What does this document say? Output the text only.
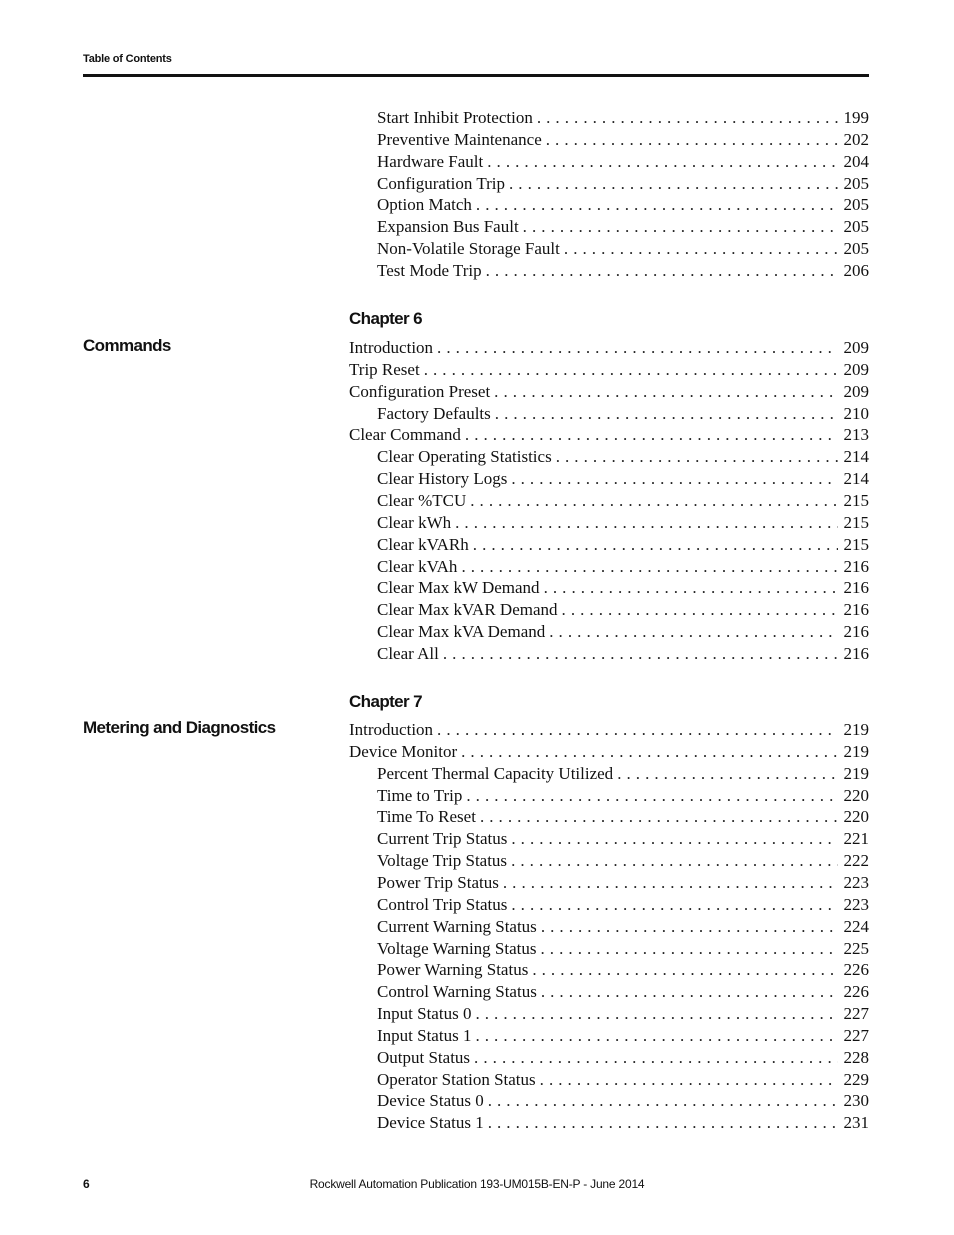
Table of Contents
Start Inhibit Protection . . .	199
Preventive Maintenance . . .	202
Hardware Fault . . .	204
Configuration Trip . . .	205
Option Match . . .	205
Expansion Bus Fault . . .	205
Non-Volatile Storage Fault . . .	205
Test Mode Trip . . .	206
Chapter 6
Commands	Introduction . . .	209
Trip Reset . . .	209
Configuration Preset . . .	209
Factory Defaults . . .	210
Clear Command . . .	213
Clear Operating Statistics . . .	214
Clear History Logs . . .	214
Clear %TCU . . .	215
Clear kWh . . .	215
Clear kVARh . . .	215
Clear kVAh . . .	216
Clear Max kW Demand . . .	216
Clear Max kVAR Demand . . .	216
Clear Max kVA Demand . . .	216
Clear All . . .	216
Chapter 7
Metering and Diagnostics	Introduction . . .	219
Device Monitor . . .	219
Percent Thermal Capacity Utilized . . .	219
Time to Trip . . .	220
Time To Reset . . .	220
Current Trip Status . . .	221
Voltage Trip Status . . .	222
Power Trip Status . . .	223
Control Trip Status . . .	223
Current Warning Status . . .	224
Voltage Warning Status . . .	225
Power Warning Status . . .	226
Control Warning Status . . .	226
Input Status 0 . . .	227
Input Status 1 . . .	227
Output Status . . .	228
Operator Station Status . . .	229
Device Status 0 . . .	230
Device Status 1 . . .	231
6	Rockwell Automation Publication 193-UM015B-EN-P - June 2014
